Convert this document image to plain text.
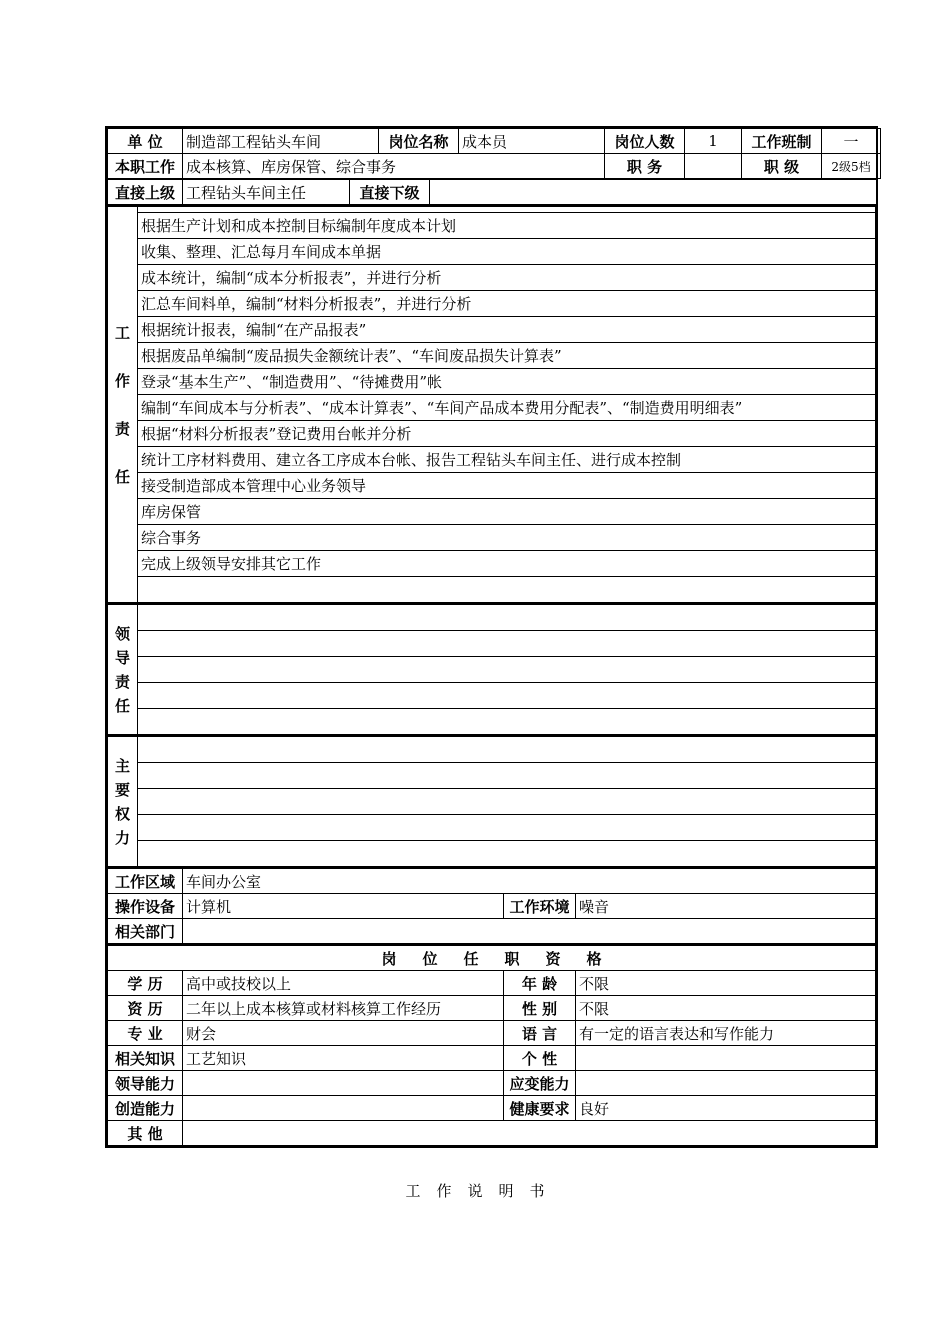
单 位	制造部工程钻头车间	岗位名称	成本员	岗位人数	1	工作班制	一
本职工作	成本核算、库房保管、综合事务			职 务		职 级	2级5档
直接上级	工程钻头车间主任	直接下级	
工
作
责
任

根据生产计划和成本控制目标编制年度成本计划
收集、整理、汇总每月车间成本单据
成本统计，编制“成本分析报表”，并进行分析
汇总车间料单，编制“材料分析报表”，并进行分析
根据统计报表，编制“在产品报表”
根据废品单编制“废品损失金额统计表”、“车间废品损失计算表”
登录“基本生产”、“制造费用”、“待摊费用”帐
编制“车间成本与分析表”、“成本计算表”、“车间产品成本费用分配表”、“制造费用明细表”
根据“材料分析报表”登记费用台帐并分析
统计工序材料费用、建立各工序成本台帐、报告工程钻头车间主任、进行成本控制
接受制造部成本管理中心业务领导
库房保管
综合事务
完成上级领导安排其它工作

领
导
责
任

主
要
权
力

工作区域	车间办公室		
操作设备	计算机	工作环境	噪音
相关部门			
岗 位 任 职 资 格			
学 历	高中或技校以上	年 龄	不限
资 历	二年以上成本核算或材料核算工作经历	性 别	不限
专 业	财会	语 言	有一定的语言表达和写作能力
相关知识	工艺知识	个 性	
领导能力		应变能力	
创造能力		健康要求	良好
其 他			
工 作 说 明 书
